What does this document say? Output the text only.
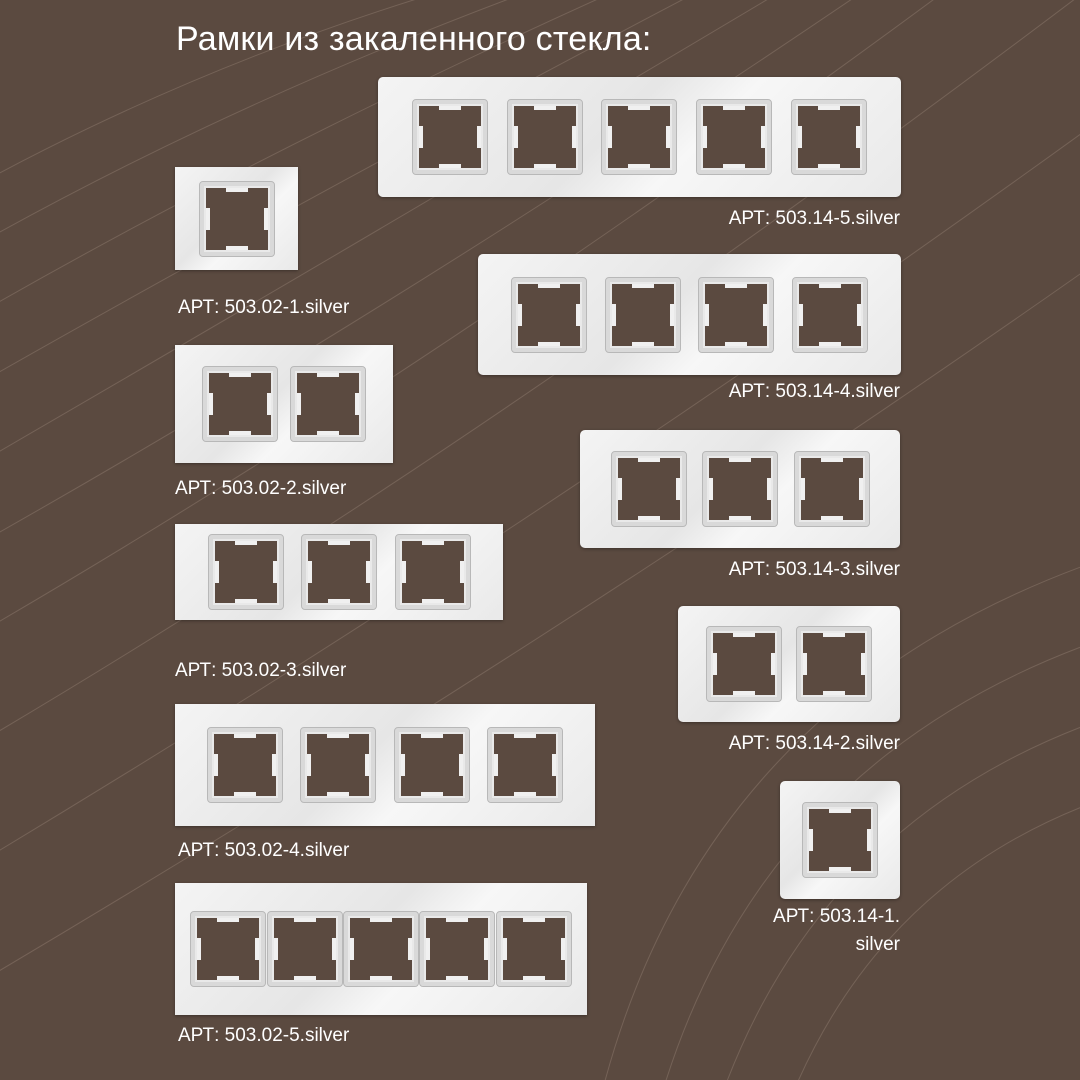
Рамки из закаленного стекла:
АРТ: 503.02-1.silver
АРТ: 503.02-2.silver
АРТ: 503.02-3.silver
АРТ: 503.02-4.silver
АРТ: 503.02-5.silver
АРТ: 503.14-5.silver
АРТ: 503.14-4.silver
АРТ: 503.14-3.silver
АРТ: 503.14-2.silver
АРТ: 503.14-1.
silver
